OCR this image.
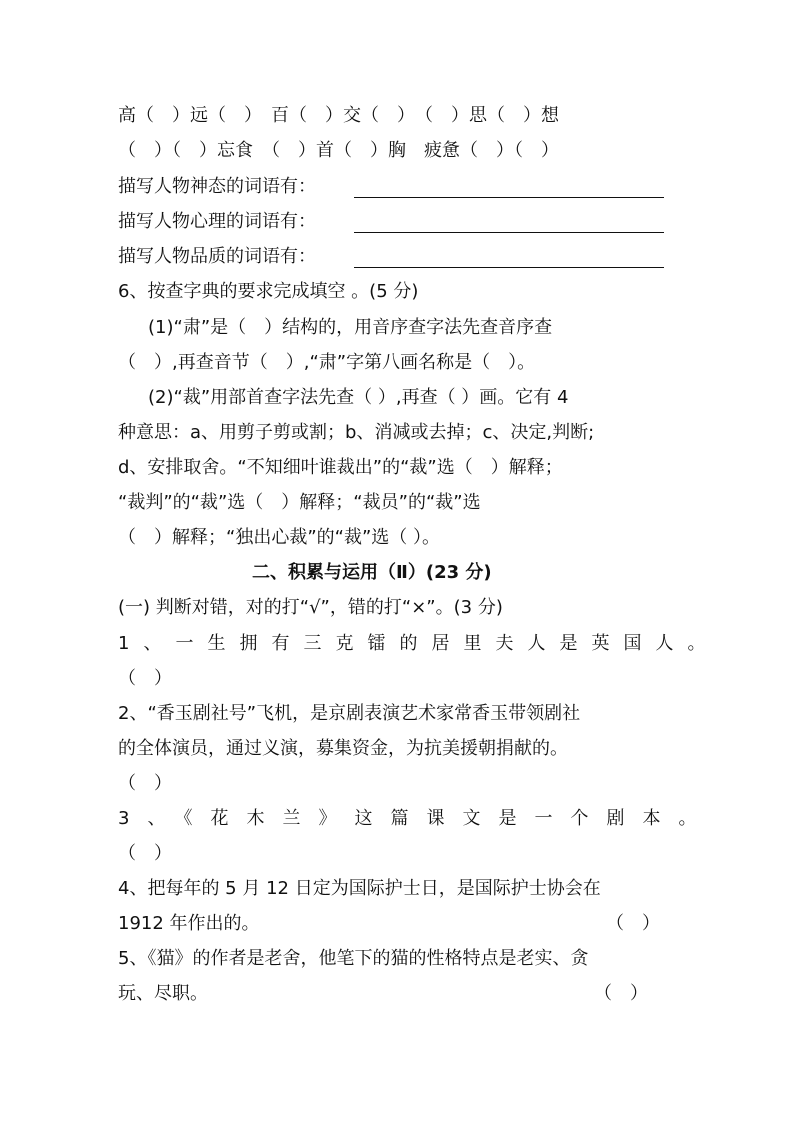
高（　）远（　）　百（　）交（　）　（　）思（　）想
（　）（　）忘食　（　）首（　）胸　疲惫（　）（　）
描写人物神态的词语有：
描写人物心理的词语有：
描写人物品质的词语有：
6、按查字典的要求完成填空 。(5 分)
(1)“肃”是（　）结构的，用音序查字法先查音序查
（　）,再查音节（　）,“肃”字第八画名称是（　）。
(2)“裁”用部首查字法先查（ ）,再查（ ）画。它有 4
种意思：a、用剪子剪或割；b、消减或去掉；c、决定,判断;
d、安排取舍。“不知细叶谁裁出”的“裁”选（　）解释；
“裁判”的“裁”选（　）解释；“裁员”的“裁”选
（　）解释；“独出心裁”的“裁”选（ ）。
二、积累与运用（Ⅱ）(23 分)
(一) 判断对错，对的打“√”，错的打“×”。(3 分)
1、一生拥有三克镭的居里夫人是英国人。
（　）
2、“香玉剧社号”飞机，是京剧表演艺术家常香玉带领剧社
的全体演员，通过义演，募集资金，为抗美援朝捐献的。
（　）
3、《花木兰》这篇课文是一个剧本。
（　）
4、把每年的 5 月 12 日定为国际护士日，是国际护士协会在
1912 年作出的。	（　）
5、《猫》的作者是老舍，他笔下的猫的性格特点是老实、贪
玩、尽职。	（　）
